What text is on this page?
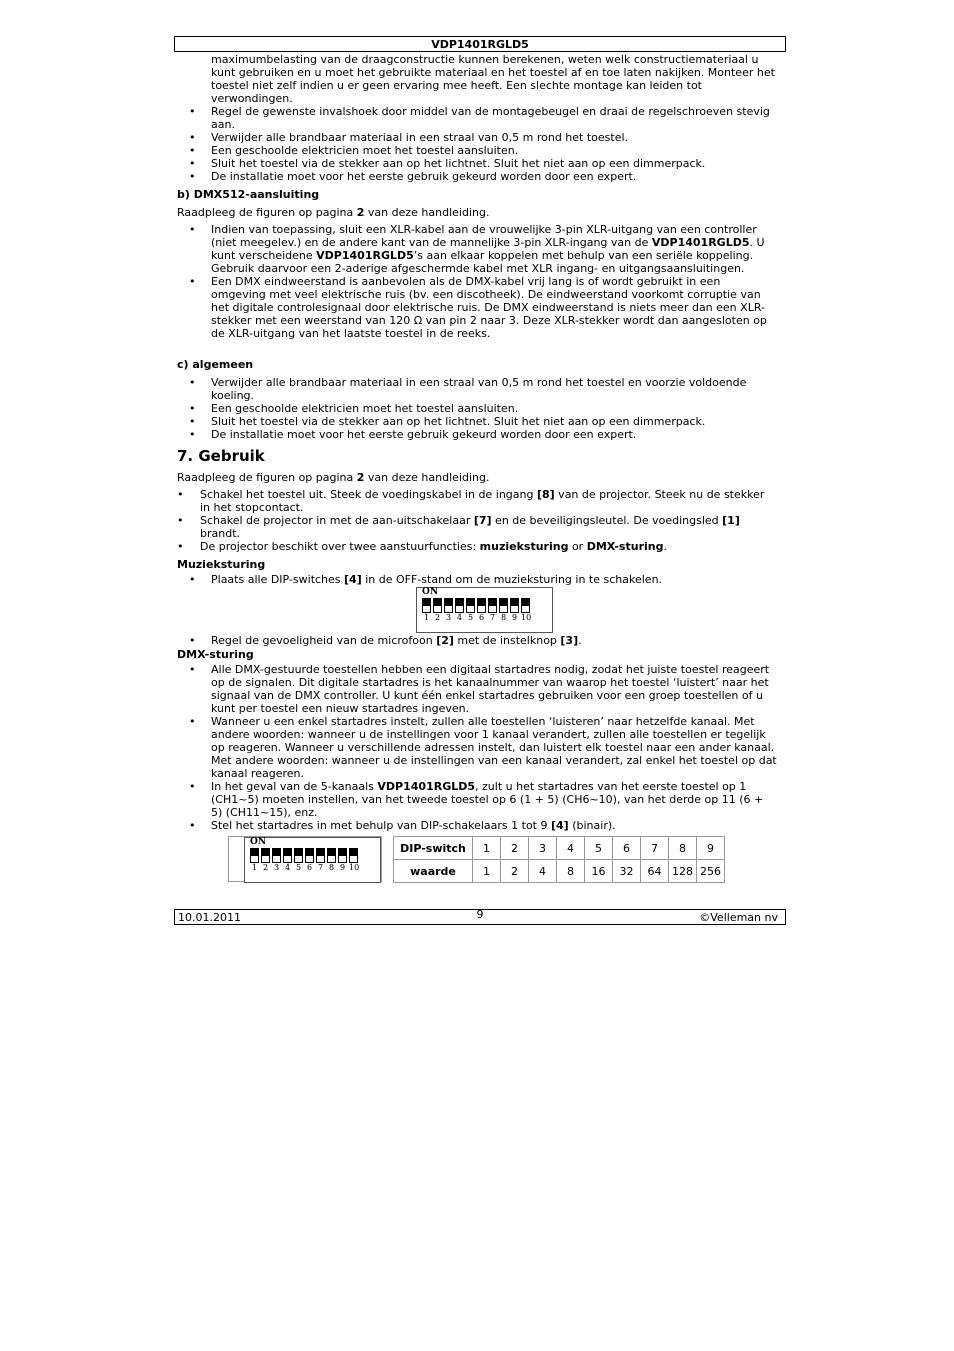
VDP1401RGLD5
maximumbelasting van de draagconstructie kunnen berekenen, weten welk constructiemateriaal u kunt gebruiken en u moet het gebruikte materiaal en het toestel af en toe laten nakijken. Monteer het toestel niet zelf indien u er geen ervaring mee heeft. Een slechte montage kan leiden tot verwondingen.
• Regel de gewenste invalshoek door middel van de montagebeugel en draai de regelschroeven stevig aan.
• Verwijder alle brandbaar materiaal in een straal van 0,5 m rond het toestel.
• Een geschoolde elektricien moet het toestel aansluiten.
• Sluit het toestel via de stekker aan op het lichtnet. Sluit het niet aan op een dimmerpack.
• De installatie moet voor het eerste gebruik gekeurd worden door een expert.

b) DMX512-aansluiting

Raadpleeg de figuren op pagina 2 van deze handleiding.

• Indien van toepassing, sluit een XLR-kabel aan de vrouwelijke 3-pin XLR-uitgang van een controller (niet meegelev.) en de andere kant van de mannelijke 3-pin XLR-ingang van de VDP1401RGLD5. U kunt verscheidene VDP1401RGLD5’s aan elkaar koppelen met behulp van een seriële koppeling. Gebruik daarvoor een 2-aderige afgeschermde kabel met XLR ingang- en uitgangsaansluitingen.
• Een DMX eindweerstand is aanbevolen als de DMX-kabel vrij lang is of wordt gebruikt in een omgeving met veel elektrische ruis (bv. een discotheek). De eindweerstand voorkomt corruptie van het digitale controlesignaal door elektrische ruis. De DMX eindweerstand is niets meer dan een XLR-stekker met een weerstand van 120 Ω van pin 2 naar 3. Deze XLR-stekker wordt dan aangesloten op de XLR-uitgang van het laatste toestel in de reeks.

c) algemeen

• Verwijder alle brandbaar materiaal in een straal van 0,5 m rond het toestel en voorzie voldoende koeling.
• Een geschoolde elektricien moet het toestel aansluiten.
• Sluit het toestel via de stekker aan op het lichtnet. Sluit het niet aan op een dimmerpack.
• De installatie moet voor het eerste gebruik gekeurd worden door een expert.
7. Gebruik

Raadpleeg de figuren op pagina 2 van deze handleiding.

• Schakel het toestel uit. Steek de voedingskabel in de ingang [8] van de projector. Steek nu de stekker in het stopcontact.
• Schakel de projector in met de aan-uitschakelaar [7] en de beveiligingsleutel. De voedingsled [1] brandt.
• De projector beschikt over twee aanstuurfuncties: muzieksturing or DMX-sturing.

Muzieksturing

• Plaats alle DIP-switches [4] in de OFF-stand om de muzieksturing in te schakelen.
ON
1 2 3 4 5 6 7 8 9 10
• Regel de gevoeligheid van de microfoon [2] met de instelknop [3].

DMX-sturing

• Alle DMX-gestuurde toestellen hebben een digitaal startadres nodig, zodat het juiste toestel reageert op de signalen. Dit digitale startadres is het kanaalnummer van waarop het toestel ‘luistert’ naar het signaal van de DMX controller. U kunt één enkel startadres gebruiken voor een groep toestellen of u kunt per toestel een nieuw startadres ingeven.
• Wanneer u een enkel startadres instelt, zullen alle toestellen ‘luisteren’ naar hetzelfde kanaal. Met andere woorden: wanneer u de instellingen voor 1 kanaal verandert, zullen alle toestellen er tegelijk op reageren. Wanneer u verschillende adressen instelt, dan luistert elk toestel naar een ander kanaal. Met andere woorden: wanneer u de instellingen van een kanaal verandert, zal enkel het toestel op dat kanaal reageren.
• In het geval van de 5-kanaals VDP1401RGLD5, zult u het startadres van het eerste toestel op 1 (CH1~5) moeten instellen, van het tweede toestel op 6 (1 + 5) (CH6~10), van het derde op 11 (6 + 5) (CH11~15), enz.
• Stel het startadres in met behulp van DIP-schakelaars 1 tot 9 [4] (binair).
ON
1 2 3 4 5 6 7 8 9 10
DIP-switch	1	2	3	4	5	6	7	8	9
waarde	1	2	4	8	16	32	64	128	256
10.01.2011	9	©Velleman nv
